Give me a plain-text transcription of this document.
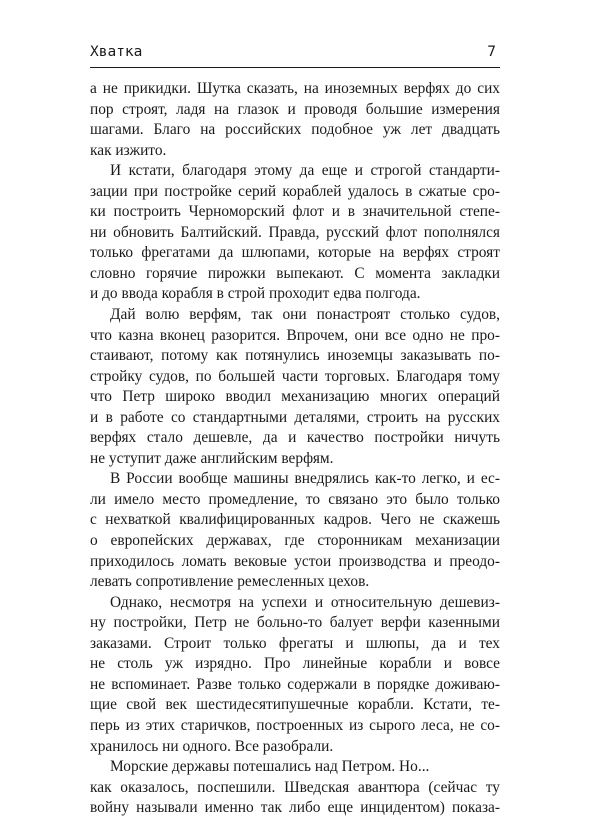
Хватка	7
а не прикидки. Шутка сказать, на иноземных верфях до сих
пор строят, ладя на глазок и проводя большие измерения
шагами. Благо на российских подобное уж лет двадцать
как изжито.
И кстати, благодаря этому да еще и строгой стандарти-
зации при постройке серий кораблей удалось в сжатые сро-
ки построить Черноморский флот и в значительной степе-
ни обновить Балтийский. Правда, русский флот пополнялся
только фрегатами да шлюпами, которые на верфях строят
словно горячие пирожки выпекают. С момента закладки
и до ввода корабля в строй проходит едва полгода.
Дай волю верфям, так они понастроят столько судов,
что казна вконец разорится. Впрочем, они все одно не про-
стаивают, потому как потянулись иноземцы заказывать по-
стройку судов, по большей части торговых. Благодаря тому
что Петр широко вводил механизацию многих операций
и в работе со стандартными деталями, строить на русских
верфях стало дешевле, да и качество постройки ничуть
не уступит даже английским верфям.
В России вообще машины внедрялись как-то легко, и ес-
ли имело место промедление, то связано это было только
с нехваткой квалифицированных кадров. Чего не скажешь
о европейских державах, где сторонникам механизации
приходилось ломать вековые устои производства и преодо-
левать сопротивление ремесленных цехов.
Однако, несмотря на успехи и относительную дешевиз-
ну постройки, Петр не больно-то балует верфи казенными
заказами. Строит только фрегаты и шлюпы, да и тех
не столь уж изрядно. Про линейные корабли и вовсе
не вспоминает. Разве только содержали в порядке доживаю-
щие свой век шестидесятипушечные корабли. Кстати, те-
перь из этих старичков, построенных из сырого леса, не со-
хранилось ни одного. Все разобрали.
Морские державы потешались над Петром. Но...
как оказалось, поспешили. Шведская авантюра (сейчас ту
войну называли именно так либо еще инцидентом) показа-
